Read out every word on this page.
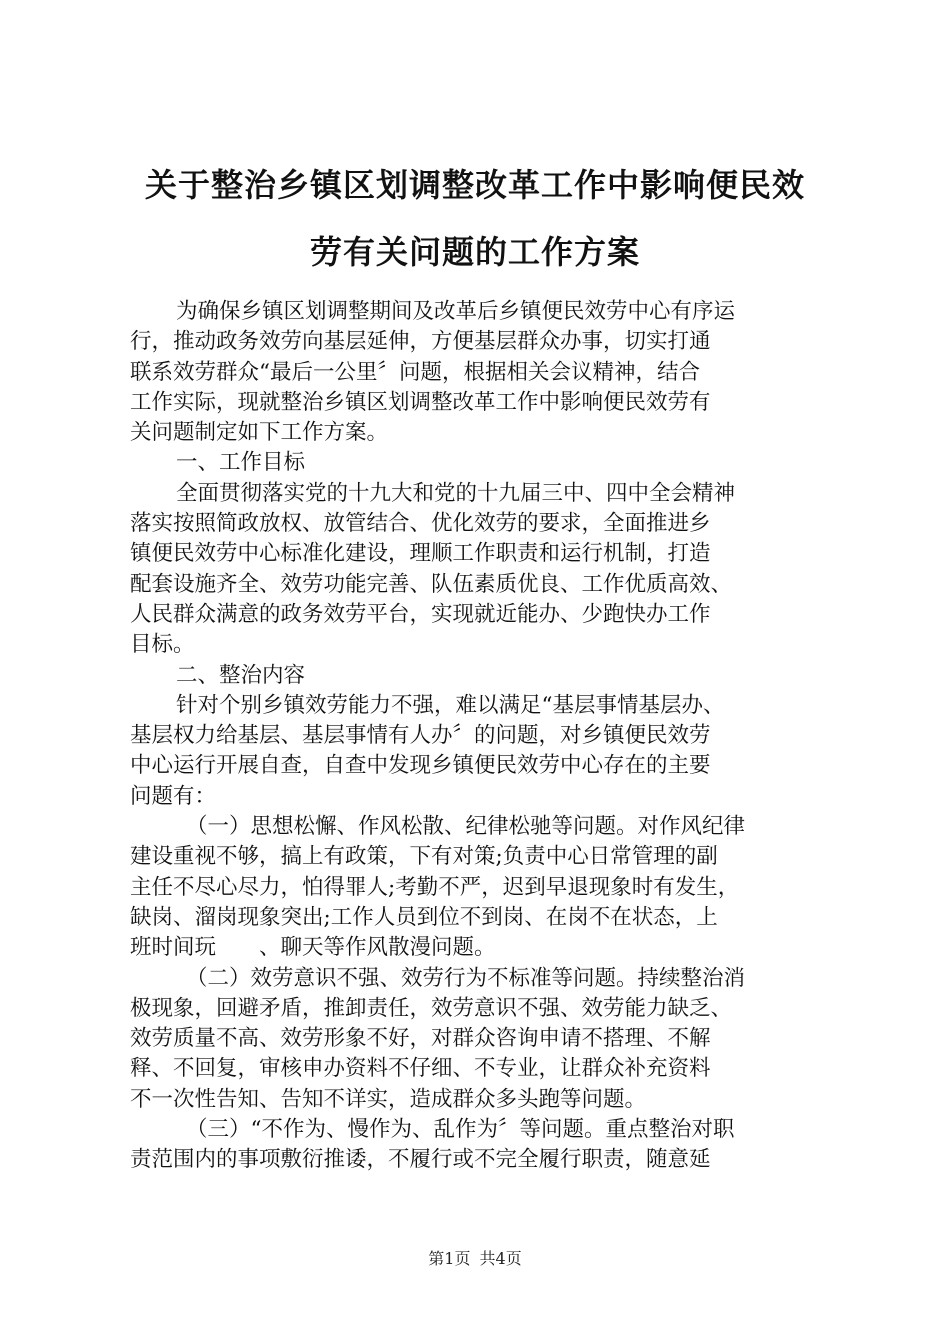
关于整治乡镇区划调整改革工作中影响便民效
劳有关问题的工作方案
为确保乡镇区划调整期间及改革后乡镇便民效劳中心有序运
行，推动政务效劳向基层延伸，方便基层群众办事，切实打通
联系效劳群众“最后一公里〞问题，根据相关会议精神，结合
工作实际，现就整治乡镇区划调整改革工作中影响便民效劳有
关问题制定如下工作方案。
一、工作目标
全面贯彻落实党的十九大和党的十九届三中、四中全会精神
落实按照简政放权、放管结合、优化效劳的要求，全面推进乡
镇便民效劳中心标准化建设，理顺工作职责和运行机制，打造
配套设施齐全、效劳功能完善、队伍素质优良、工作优质高效、
人民群众满意的政务效劳平台，实现就近能办、少跑快办工作
目标。
二、整治内容
针对个别乡镇效劳能力不强，难以满足“基层事情基层办、
基层权力给基层、基层事情有人办〞的问题，对乡镇便民效劳
中心运行开展自查，自查中发现乡镇便民效劳中心存在的主要
问题有：
（一）思想松懈、作风松散、纪律松驰等问题。对作风纪律
建设重视不够，搞上有政策，下有对策;负责中心日常管理的副
主任不尽心尽力，怕得罪人;考勤不严，迟到早退现象时有发生，
缺岗、溜岗现象突出;工作人员到位不到岗、在岗不在状态，上
班时间玩　　、聊天等作风散漫问题。
（二）效劳意识不强、效劳行为不标准等问题。持续整治消
极现象，回避矛盾，推卸责任，效劳意识不强、效劳能力缺乏、
效劳质量不高、效劳形象不好，对群众咨询申请不搭理、不解
释、不回复，审核申办资料不仔细、不专业，让群众补充资料
不一次性告知、告知不详实，造成群众多头跑等问题。
（三）“不作为、慢作为、乱作为〞等问题。重点整治对职
责范围内的事项敷衍推诿，不履行或不完全履行职责，随意延
第1页 共4页
